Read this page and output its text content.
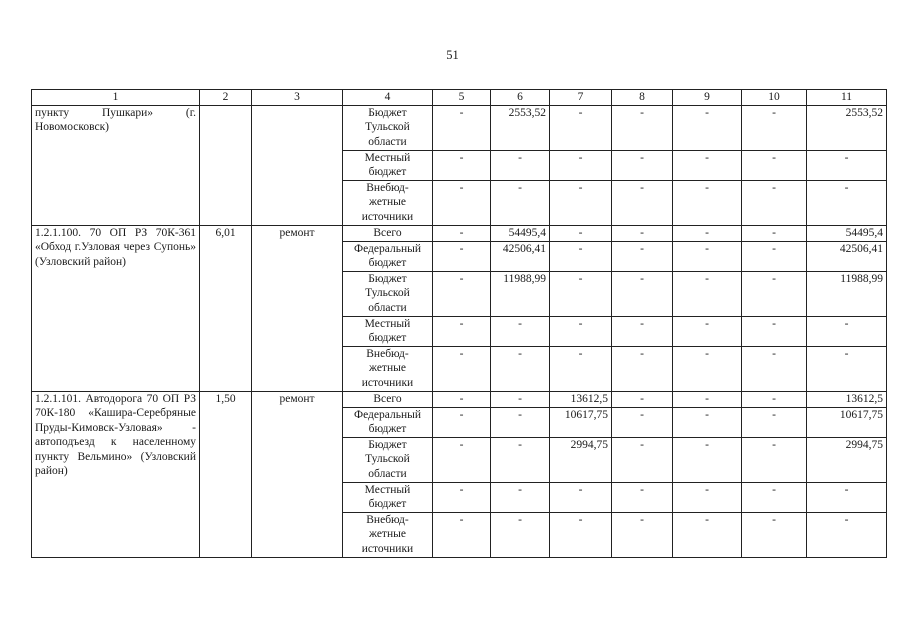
51
1	2	3	4	5	6	7	8	9	10	11
пункту Пушкари» (г. Новомосковск)			Бюджет
Тульской
области	-	2553,52	-	-	-	-	2553,52
			Местный
бюджет	-	-	-	-	-	-	-
			Внебюд-
жетные
источники	-	-	-	-	-	-	-
1.2.1.100. 70 ОП РЗ 70К-361 «Обход г.Узловая через Супонь» (Узловский район)	6,01	ремонт	Всего	-	54495,4	-	-	-	-	54495,4
			Федеральный
бюджет	-	42506,41	-	-	-	-	42506,41
			Бюджет
Тульской
области	-	11988,99	-	-	-	-	11988,99
			Местный
бюджет	-	-	-	-	-	-	-
			Внебюд-
жетные
источники	-	-	-	-	-	-	-
1.2.1.101. Автодорога 70 ОП РЗ 70К-180 «Кашира-Серебряные Пруды-Кимовск-Узловая» - автоподъезд к населенному пункту Вельмино» (Узловский район)	1,50	ремонт	Всего	-	-	13612,5	-	-	-	13612,5
			Федеральный
бюджет	-	-	10617,75	-	-	-	10617,75
			Бюджет
Тульской
области	-	-	2994,75	-	-	-	2994,75
			Местный
бюджет	-	-	-	-	-	-	-
			Внебюд-
жетные
источники	-	-	-	-	-	-	-
